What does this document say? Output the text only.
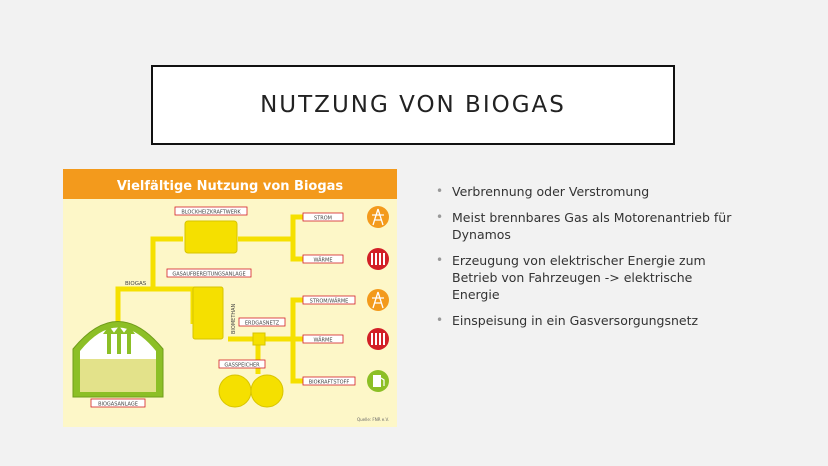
NUTZUNG VON BIOGAS
Vielfältige Nutzung von Biogas
BLOCKHEIZKRAFTWERK
GASAUFBEREITUNGSANLAGE
BIOGAS
BIOMETHAN ERDGASNETZ
GASSPEICHER
BIOGASANLAGE
STROM
WÄRME
STROM/WÄRME
WÄRME
BIOKRAFTSTOFF
Quelle: FNR e.V.
• Verbrennung oder Verstromung
• Meist brennbares Gas als Motorenantrieb für Dynamos
• Erzeugung von elektrischer Energie zum Betrieb von Fahrzeugen -> elektrische Energie
• Einspeisung in ein Gasversorgungsnetz
